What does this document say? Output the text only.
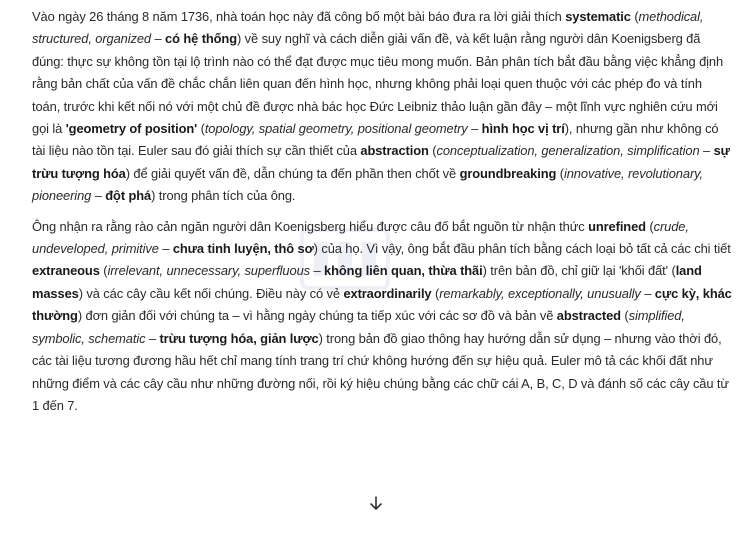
Vào ngày 26 tháng 8 năm 1736, nhà toán học này đã công bố một bài báo đưa ra lời giải thích systematic (methodical, structured, organized – có hệ thống) về suy nghĩ và cách diễn giải vấn đề, và kết luận rằng người dân Koenigsberg đã đúng: thực sự không tồn tại lộ trình nào có thể đạt được mục tiêu mong muốn. Bản phân tích bắt đầu bằng việc khẳng định rằng bản chất của vấn đề chắc chắn liên quan đến hình học, nhưng không phải loại quen thuộc với các phép đo và tính toán, trước khi kết nối nó với một chủ đề được nhà bác học Đức Leibniz thảo luận gần đây – một lĩnh vực nghiên cứu mới gọi là 'geometry of position' (topology, spatial geometry, positional geometry – hình học vị trí), nhưng gần như không có tài liệu nào tồn tại. Euler sau đó giải thích sự cần thiết của abstraction (conceptualization, generalization, simplification – sự trừu tượng hóa) để giải quyết vấn đề, dẫn chúng ta đến phần then chốt về groundbreaking (innovative, revolutionary, pioneering – đột phá) trong phân tích của ông.

Ông nhận ra rằng rào cản ngăn người dân Koenigsberg hiểu được câu đố bắt nguồn từ nhận thức unrefined (crude, undeveloped, primitive – chưa tinh luyện, thô sơ) của họ. Vì vậy, ông bắt đầu phân tích bằng cách loại bỏ tất cả các chi tiết extraneous (irrelevant, unnecessary, superfluous – không liên quan, thừa thãi) trên bản đồ, chỉ giữ lại 'khối đất' (land masses) và các cây cầu kết nối chúng. Điều này có vẻ extraordinarily (remarkably, exceptionally, unusually – cực kỳ, khác thường) đơn giản đối với chúng ta – vì hằng ngày chúng ta tiếp xúc với các sơ đồ và bản vẽ abstracted (simplified, symbolic, schematic – trừu tượng hóa, giản lược) trong bản đồ giao thông hay hướng dẫn sử dụng – nhưng vào thời đó, các tài liệu tương đương hầu hết chỉ mang tính trang trí chứ không hướng đến sự hiệu quả. Euler mô tả các khối đất như những điểm và các cây cầu như những đường nối, rồi ký hiệu chúng bằng các chữ cái A, B, C, D và đánh số các cây cầu từ 1 đến 7.
